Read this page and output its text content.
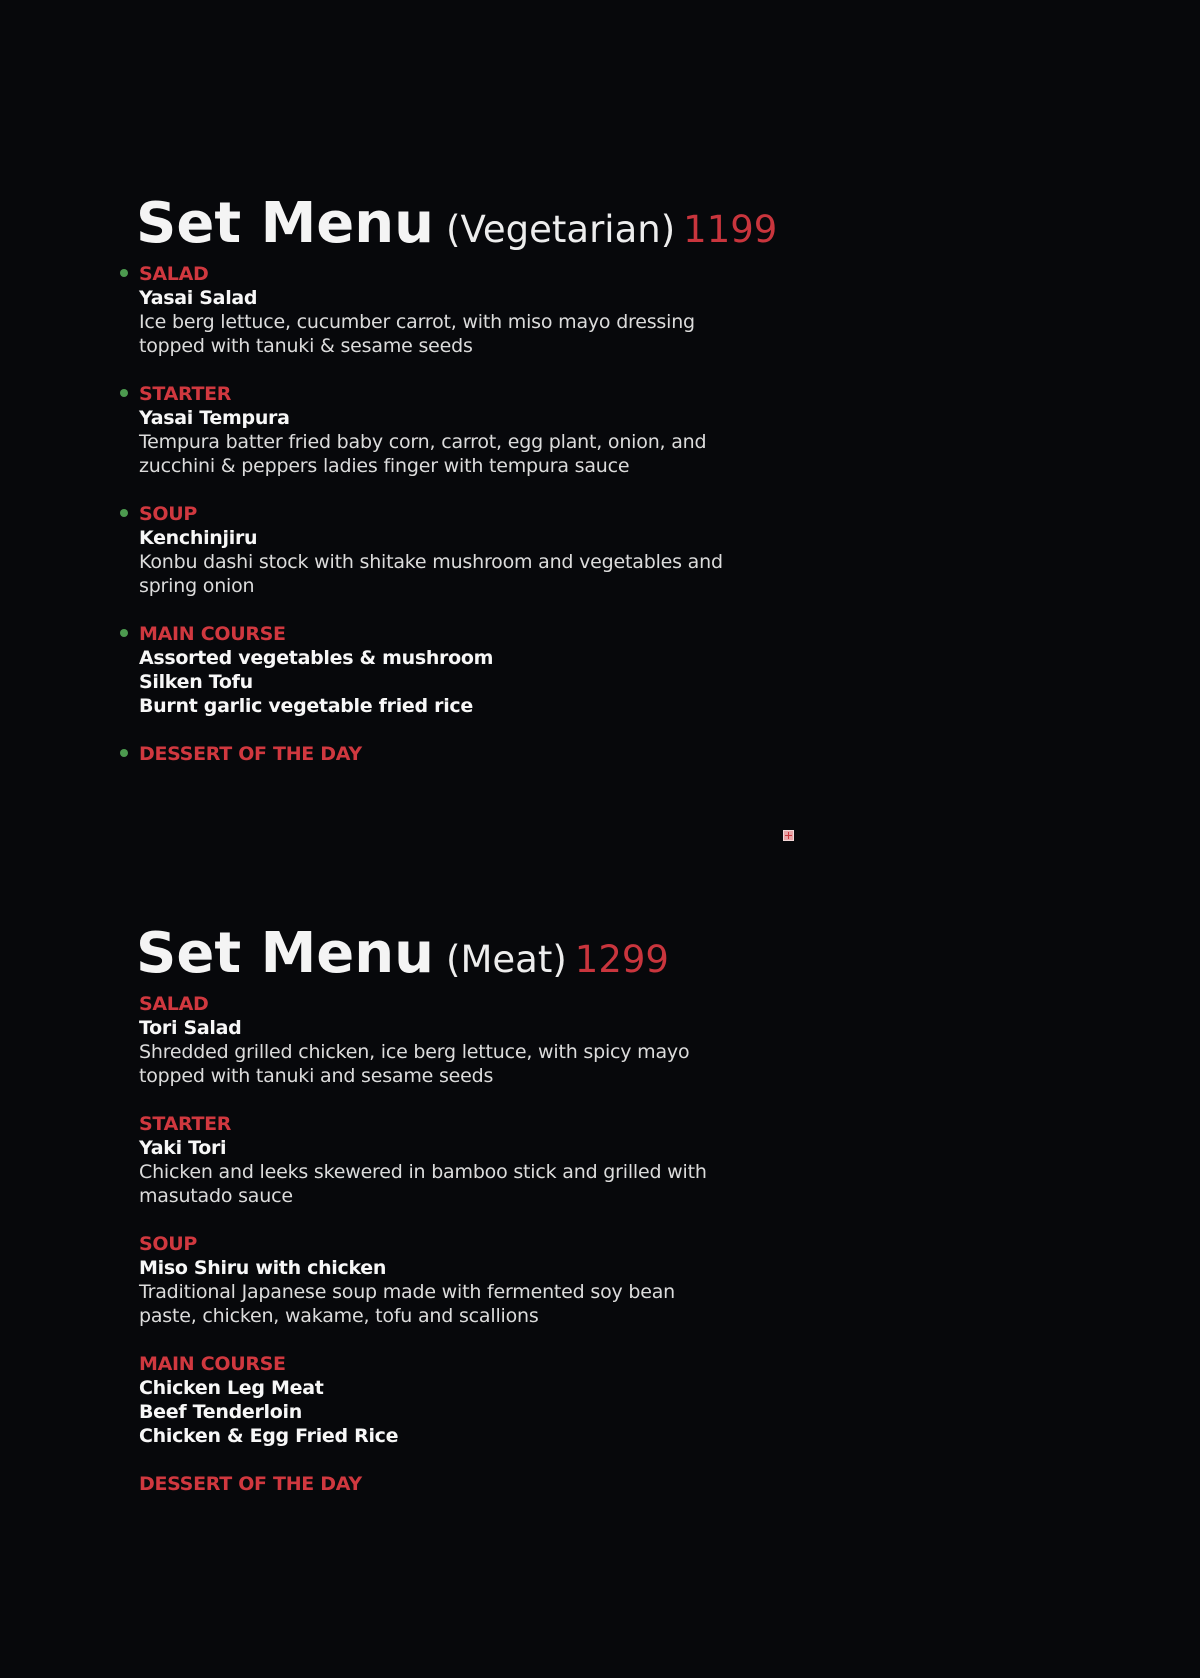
Set Menu (Vegetarian) 1199
SALAD
Yasai Salad
Ice berg lettuce, cucumber carrot, with miso mayo dressing
topped with tanuki & sesame seeds
STARTER
Yasai Tempura
Tempura batter fried baby corn, carrot, egg plant, onion, and
zucchini & peppers ladies finger with tempura sauce
SOUP
Kenchinjiru
Konbu dashi stock with shitake mushroom and vegetables and
spring onion
MAIN COURSE
Assorted vegetables & mushroom
Silken Tofu
Burnt garlic vegetable fried rice
DESSERT OF THE DAY
Set Menu (Meat) 1299
SALAD
Tori Salad
Shredded grilled chicken, ice berg lettuce, with spicy mayo
topped with tanuki and sesame seeds
STARTER
Yaki Tori
Chicken and leeks skewered in bamboo stick and grilled with
masutado sauce
SOUP
Miso Shiru with chicken
Traditional Japanese soup made with fermented soy bean
paste, chicken, wakame, tofu and scallions
MAIN COURSE
Chicken Leg Meat
Beef Tenderloin
Chicken & Egg Fried Rice
DESSERT OF THE DAY
